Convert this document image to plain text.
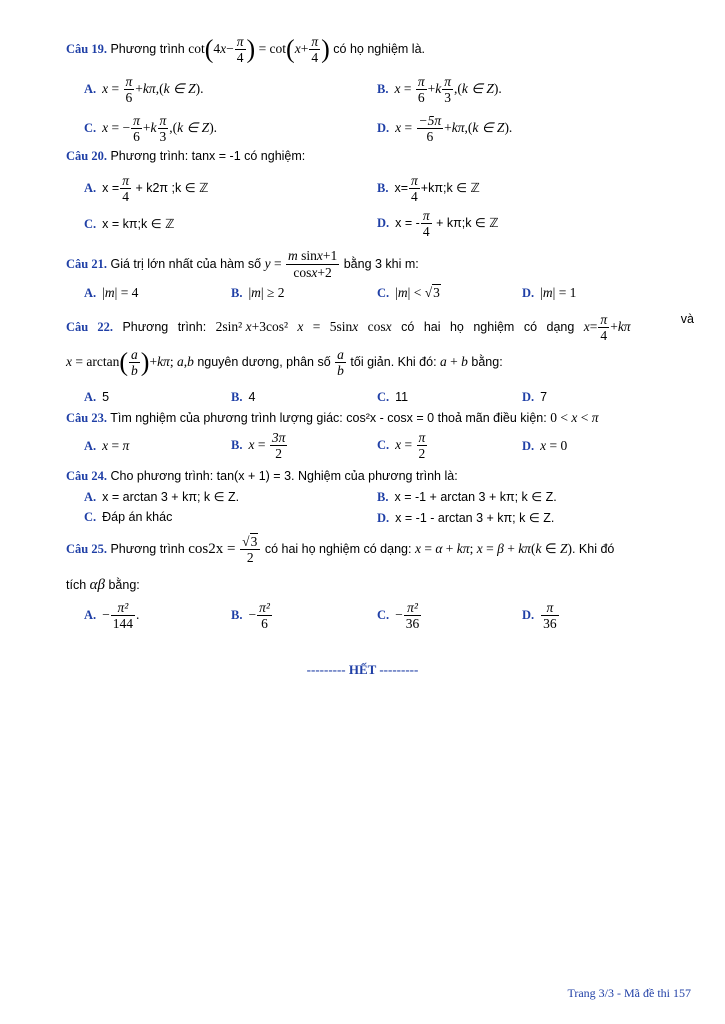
Câu 19. Phương trình $\cot(4x- \frac{\pi}{4}$ ) = $\cot(x+ \frac{\pi}{4}$ ) có họ nghiệm là.
A. $x = \frac{\pi}{6} +k\pi,(k$ ∈ Z).	B. $x = \frac{\pi}{6} +k \frac{\pi}{3} ,(k$ ∈ Z).
C. x = − $\frac{\pi}{6} +k \frac{\pi}{3} ,(k$ ∈ Z).	D. $x = \frac{-5\pi}{6} +k\pi,(k$ ∈ Z).
Câu 20. Phương trình: tanx = -1 có nghiệm:
A. $x = \frac{\pi}{4} + k2\pi$ ;k ∈ ℤ	B. $x= \frac{\pi}{4}$ +kπ;k ∈ ℤ
C. x = kπ;k ∈ ℤ	D. x = - $\frac{\pi}{4}$ + kπ;k ∈ ℤ
Câu 21. Giá trị lớn nhất của hàm số $y = \frac{\text{m sinx+1}}{\cos x+2}$ bằng 3 khi m:
A. |m| = 4	B. |m| ≥ 2	C. |m| < √3	D. |m| = 1
Câu 22. Phương trình: 2sin² x+3cos² x = 5sinx cosx có hai họ nghiệm có dạng $x= \frac{\pi}{4} +k\pi$	và
$x = \arctan( \frac{a}{b} )+k\pi$; a,b nguyên dương, phân số $\frac{a}{b}$ tối giản. Khi đó: a + b bằng:
A. 5	B. 4	C. 11	D. 7
Câu 23. Tìm nghiệm của phương trình lượng giác: cos²x - cosx = 0 thoả mãn điều kiện: 0 < x < π
A. x = π	B. $x = \frac{3\pi}{2}$	C. $x = \frac{\pi}{2}$	D. x = 0
Câu 24. Cho phương trình: tan(x + 1) = 3. Nghiệm của phương trình là:
A. x = arctan 3 + kπ; k ∈ Z.	B. x = -1 + arctan 3 + kπ; k ∈ Z.
C. Đáp án khác	D. x = -1 - arctan 3 + kπ; k ∈ Z.
Câu 25. Phương trình $\cos 2x = \frac{√3}{2}$ có hai họ nghiệm có dạng: x = α + kπ; x = β + kπ(k ∈ Z). Khi đó
tích αβ bằng:
A. − $\frac{\text{π²}}{144}$ .	B. − $\frac{\text{π²}}{6}$	C. − $\frac{\text{π²}}{36}$	D. $\frac{\pi}{36}$
--------- HẾT ---------
Trang 3/3 - Mã đề thi 157
